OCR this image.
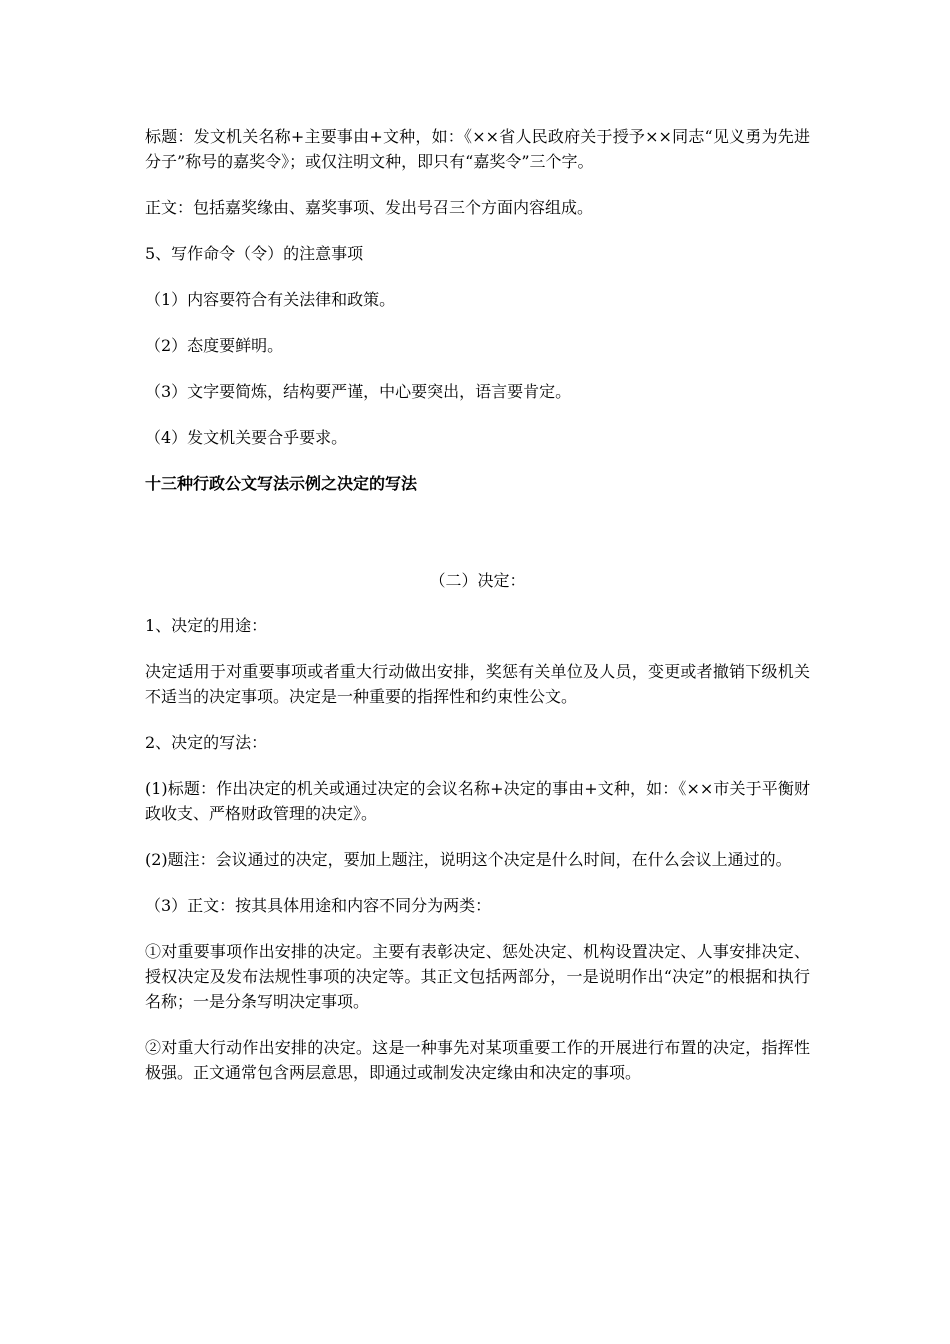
标题：发文机关名称+主要事由+文种，如：《××省人民政府关于授予××同志“见义勇为先进分子”称号的嘉奖令》；或仅注明文种，即只有“嘉奖令”三个字。

正文：包括嘉奖缘由、嘉奖事项、发出号召三个方面内容组成。

5、写作命令（令）的注意事项

（1）内容要符合有关法律和政策。

（2）态度要鲜明。

（3）文字要简炼，结构要严谨，中心要突出，语言要肯定。

（4）发文机关要合乎要求。

十三种行政公文写法示例之决定的写法

（二）决定：

1、决定的用途：

决定适用于对重要事项或者重大行动做出安排，奖惩有关单位及人员，变更或者撤销下级机关不适当的决定事项。决定是一种重要的指挥性和约束性公文。

2、决定的写法：

(1)标题：作出决定的机关或通过决定的会议名称+决定的事由+文种，如：《××市关于平衡财政收支、严格财政管理的决定》。

(2)题注：会议通过的决定，要加上题注，说明这个决定是什么时间，在什么会议上通过的。

（3）正文：按其具体用途和内容不同分为两类：

①对重要事项作出安排的决定。主要有表彰决定、惩处决定、机构设置决定、人事安排决定、授权决定及发布法规性事项的决定等。其正文包括两部分，一是说明作出“决定”的根据和执行名称；一是分条写明决定事项。

②对重大行动作出安排的决定。这是一种事先对某项重要工作的开展进行布置的决定，指挥性极强。正文通常包含两层意思，即通过或制发决定缘由和决定的事项。
